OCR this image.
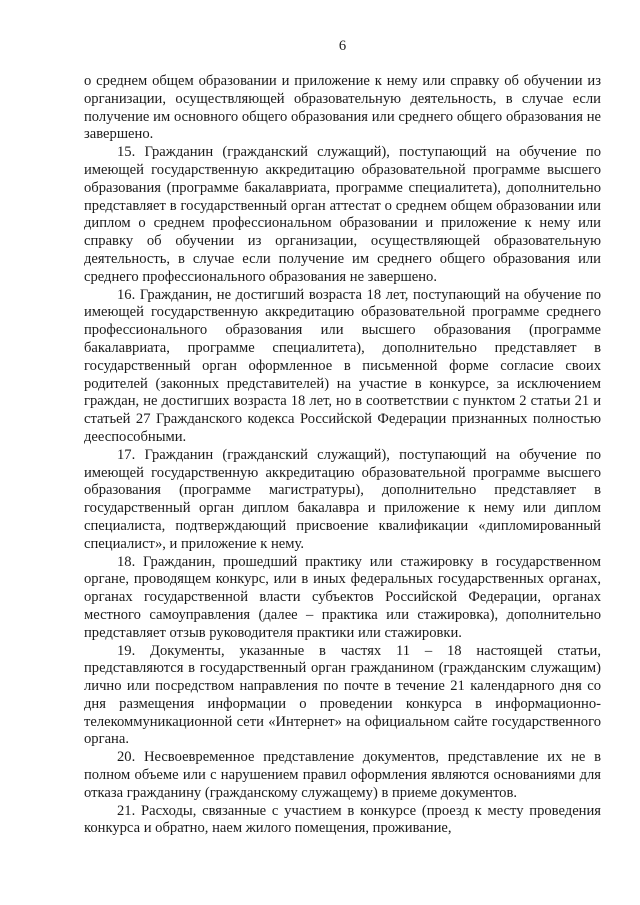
6

о среднем общем образовании и приложение к нему или справку об обучении из организации, осуществляющей образовательную деятельность, в случае если получение им основного общего образования или среднего общего образования не завершено.

15. Гражданин (гражданский служащий), поступающий на обучение по имеющей государственную аккредитацию образовательной программе высшего образования (программе бакалавриата, программе специалитета), дополнительно представляет в государственный орган аттестат о среднем общем образовании или диплом о среднем профессиональном образовании и приложение к нему или справку об обучении из организации, осуществляющей образовательную деятельность, в случае если получение им среднего общего образования или среднего профессионального образования не завершено.

16. Гражданин, не достигший возраста 18 лет, поступающий на обучение по имеющей государственную аккредитацию образовательной программе среднего профессионального образования или высшего образования (программе бакалавриата, программе специалитета), дополнительно представляет в государственный орган оформленное в письменной форме согласие своих родителей (законных представителей) на участие в конкурсе, за исключением граждан, не достигших возраста 18 лет, но в соответствии с пунктом 2 статьи 21 и статьей 27 Гражданского кодекса Российской Федерации признанных полностью дееспособными.

17. Гражданин (гражданский служащий), поступающий на обучение по имеющей государственную аккредитацию образовательной программе высшего образования (программе магистратуры), дополнительно представляет в государственный орган диплом бакалавра и приложение к нему или диплом специалиста, подтверждающий присвоение квалификации «дипломированный специалист», и приложение к нему.

18. Гражданин, прошедший практику или стажировку в государственном органе, проводящем конкурс, или в иных федеральных государственных органах, органах государственной власти субъектов Российской Федерации, органах местного самоуправления (далее – практика или стажировка), дополнительно представляет отзыв руководителя практики или стажировки.

19. Документы, указанные в частях 11 – 18 настоящей статьи, представляются в государственный орган гражданином (гражданским служащим) лично или посредством направления по почте в течение 21 календарного дня со дня размещения информации о проведении конкурса в информационно-телекоммуникационной сети «Интернет» на официальном сайте государственного органа.

20. Несвоевременное представление документов, представление их не в полном объеме или с нарушением правил оформления являются основаниями для отказа гражданину (гражданскому служащему) в приеме документов.

21. Расходы, связанные с участием в конкурсе (проезд к месту проведения конкурса и обратно, наем жилого помещения, проживание,
